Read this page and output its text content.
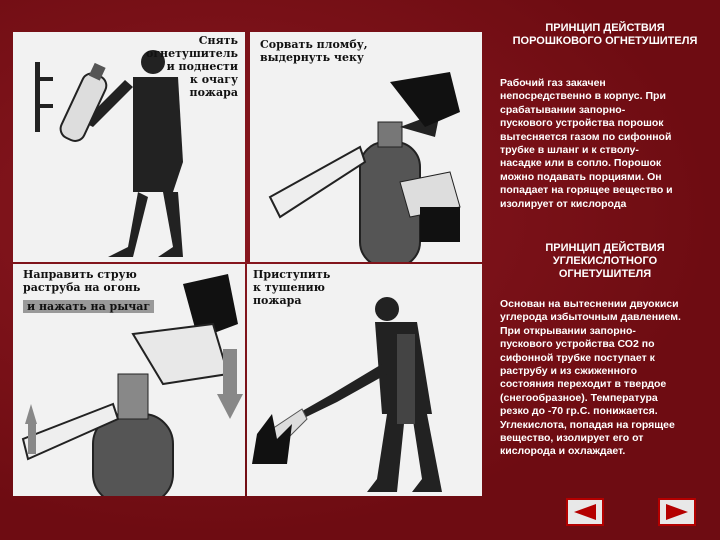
Снять огнетушитель
и поднести
к очагу
пожара
Сорвать пломбу,
выдернуть чеку
Направить струю
раструба на огонь
и нажать на рычаг
Приступить
к тушению
пожара
ПРИНЦИП ДЕЙСТВИЯ
ПОРОШКОВОГО ОГНЕТУШИТЕЛЯ
Рабочий газ закачен
непосредственно в корпус. При
срабатывании запорно-
пускового устройства порошок
вытесняется газом по сифонной
трубке в шланг и к стволу-
насадке или в сопло. Порошок
можно подавать порциями. Он
попадает на горящее вещество и
изолирует от кислорода
ПРИНЦИП ДЕЙСТВИЯ
УГЛЕКИСЛОТНОГО
ОГНЕТУШИТЕЛЯ
Основан на вытеснении двуокиси
углерода избыточным давлением.
При открывании запорно-
пускового устройства СО2 по
сифонной трубке поступает к
раструбу и из сжиженного
состояния переходит в твердое
(снегообразное). Температура
резко до -70 гр.С. понижается.
Углекислота, попадая на горящее
вещество, изолирует его от
кислорода и охлаждает.
